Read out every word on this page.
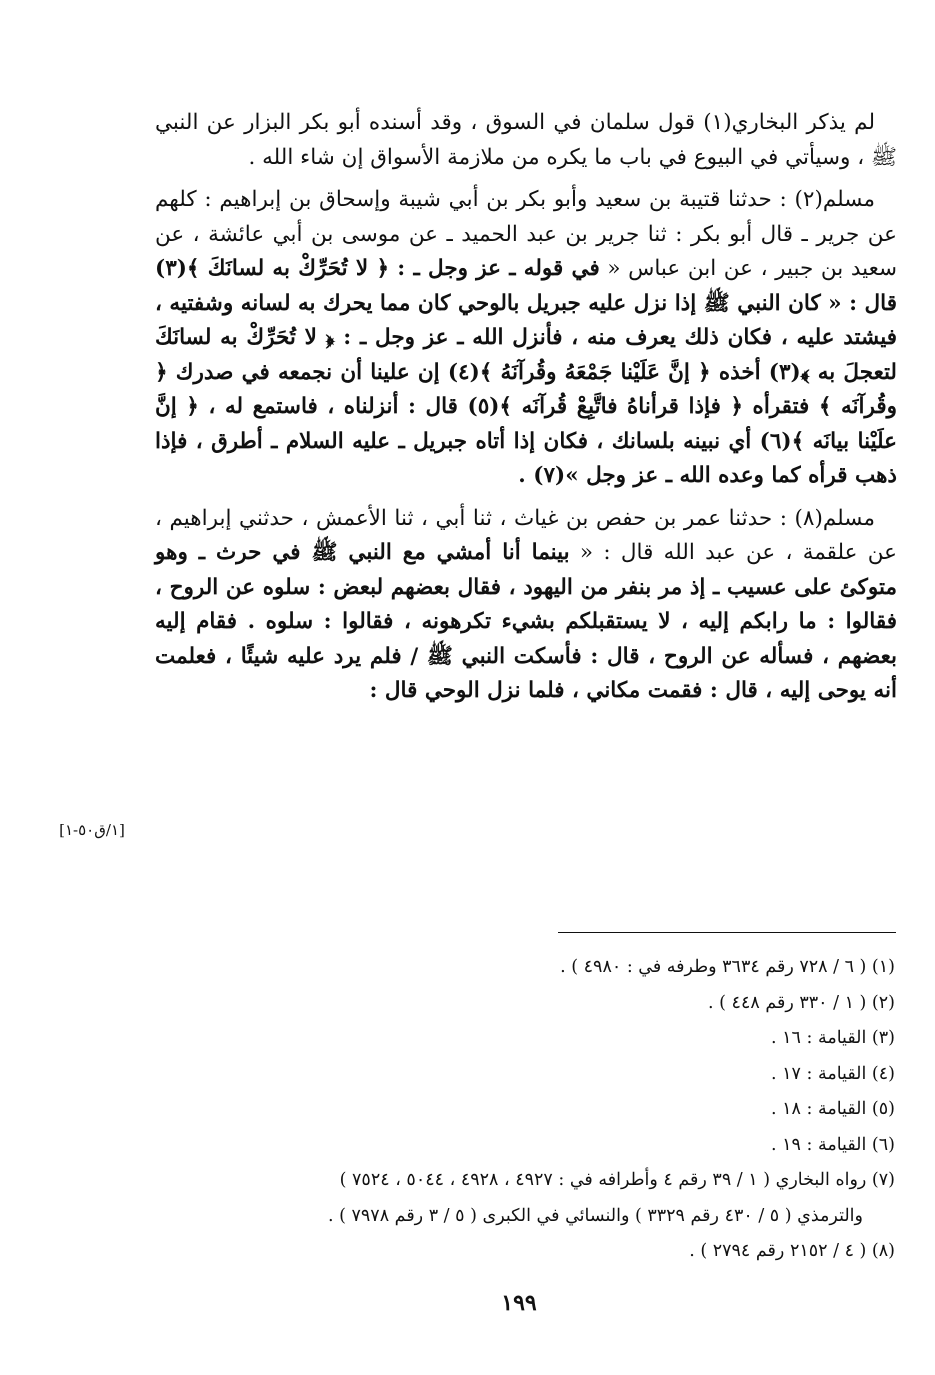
لم يذكر البخاري(١) قول سلمان في السوق ، وقد أسنده أبو بكر البزار عن النبي ﷺ ، وسيأتي في البيوع في باب ما يكره من ملازمة الأسواق إن شاء الله .

مسلم(٢) : حدثنا قتيبة بن سعيد وأبو بكر بن أبي شيبة وإسحاق بن إبراهيم : كلهم عن جرير ـ قال أبو بكر : ثنا جرير بن عبد الحميد ـ عن موسى بن أبي عائشة ، عن سعيد بن جبير ، عن ابن عباس « في قوله ـ عز وجل ـ : ﴿ لا تُحَرِّكْ به لسانَكَ ﴾(٣) قال : « كان النبي ﷺ إذا نزل عليه جبريل بالوحي كان مما يحرك به لسانه وشفتيه ، فيشتد عليه ، فكان ذلك يعرف منه ، فأنزل الله ـ عز وجل ـ : ﴿ لا تُحَرِّكْ به لسانَكَ لتعجلَ به ﴾(٣) أخذه ﴿ إنَّ عَلَيْنا جَمْعَهُ وقُرآنَهُ ﴾(٤) إن علينا أن نجمعه في صدرك ﴿ وقُرآنَه ﴾ فتقرأه ﴿ فإذا قرأناهُ فاتَّبِعْ قُرآنَه ﴾(٥) قال : أنزلناه ، فاستمع له ، ﴿ إنَّ علَيْنا بيانَه ﴾(٦) أي نبينه بلسانك ، فكان إذا أتاه جبريل ـ عليه السلام ـ أطرق ، فإذا ذهب قرأه كما وعده الله ـ عز وجل »(٧) .

مسلم(٨) : حدثنا عمر بن حفص بن غياث ، ثنا أبي ، ثنا الأعمش ، حدثني إبراهيم ، عن علقمة ، عن عبد الله قال : « بينما أنا أمشي مع النبي ﷺ في حرث ـ وهو متوكئ على عسيب ـ إذ مر بنفر من اليهود ، فقال بعضهم لبعض : سلوه عن الروح ، فقالوا : ما رابكم إليه ، لا يستقبلكم بشيء تكرهونه ، فقالوا : سلوه . فقام إليه بعضهم ، فسأله عن الروح ، قال : فأسكت النبي ﷺ / فلم يرد عليه شيئًا ، فعلمت أنه يوحى إليه ، قال : فقمت مكاني ، فلما نزل الوحي قال :

[١/ق٥٠-١]
(١) ( ٦ / ٧٢٨ رقم ٣٦٣٤ وطرفه في : ٤٩٨٠ ) .
(٢) ( ١ / ٣٣٠ رقم ٤٤٨ ) .
(٣) القيامة : ١٦ .
(٤) القيامة : ١٧ .
(٥) القيامة : ١٨ .
(٦) القيامة : ١٩ .
(٧) رواه البخاري ( ١ / ٣٩ رقم ٤ وأطرافه في : ٤٩٢٧ ، ٤٩٢٨ ، ٥٠٤٤ ، ٧٥٢٤ )
والترمذي ( ٥ / ٤٣٠ رقم ٣٣٢٩ ) والنسائي في الكبرى ( ٥ / ٣ رقم ٧٩٧٨ ) .
(٨) ( ٤ / ٢١٥٢ رقم ٢٧٩٤ ) .
١٩٩
